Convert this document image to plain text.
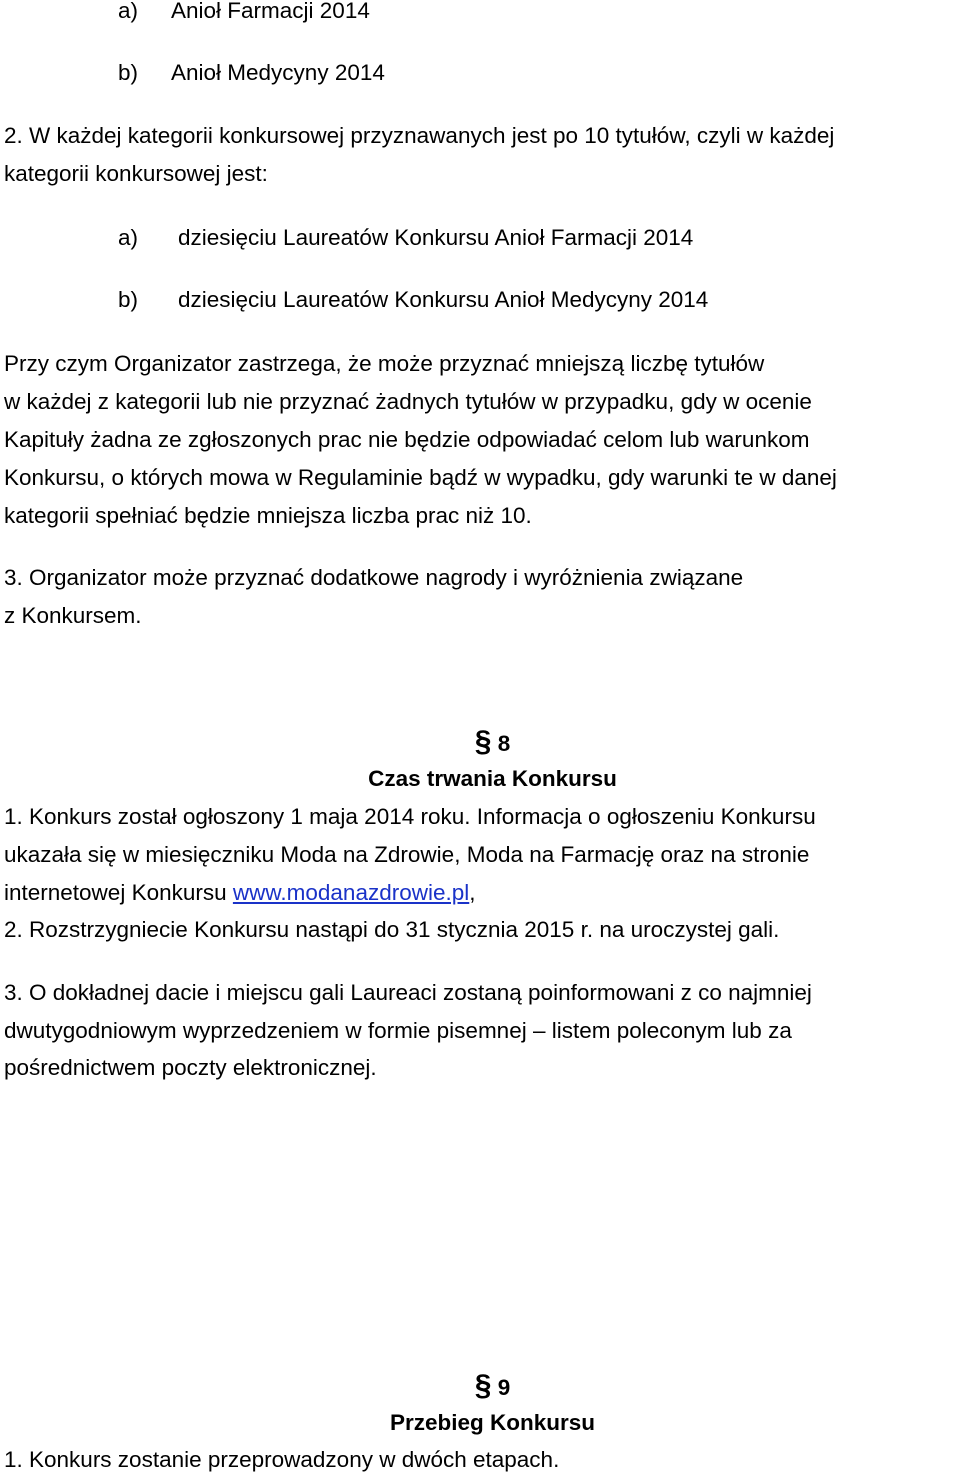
a) Anioł Farmacji 2014
b) Anioł Medycyny 2014
2. W każdej kategorii konkursowej przyznawanych jest po 10 tytułów, czyli w każdej
kategorii konkursowej jest:
a) dziesięciu Laureatów Konkursu Anioł Farmacji 2014
b) dziesięciu Laureatów Konkursu Anioł Medycyny 2014
Przy czym Organizator zastrzega, że może przyznać mniejszą liczbę tytułów
w każdej z kategorii lub nie przyznać żadnych tytułów w przypadku, gdy w ocenie
Kapituły żadna ze zgłoszonych prac nie będzie odpowiadać celom lub warunkom
Konkursu, o których mowa w Regulaminie bądź w wypadku, gdy warunki te w danej
kategorii spełniać będzie mniejsza liczba prac niż 10.
3. Organizator może przyznać dodatkowe nagrody i wyróżnienia związane
z Konkursem.
§ 8
Czas trwania Konkursu
1. Konkurs został ogłoszony 1 maja 2014 roku. Informacja o ogłoszeniu Konkursu
ukazała się w miesięczniku Moda na Zdrowie, Moda na Farmację oraz na stronie
internetowej Konkursu www.modanazdrowie.pl,
2. Rozstrzygniecie Konkursu nastąpi do 31 stycznia 2015 r. na uroczystej gali.
3. O dokładnej dacie i miejscu gali Laureaci zostaną poinformowani z co najmniej
dwutygodniowym wyprzedzeniem w formie pisemnej – listem poleconym lub za
pośrednictwem poczty elektronicznej.
§ 9
Przebieg Konkursu
1. Konkurs zostanie przeprowadzony w dwóch etapach.
